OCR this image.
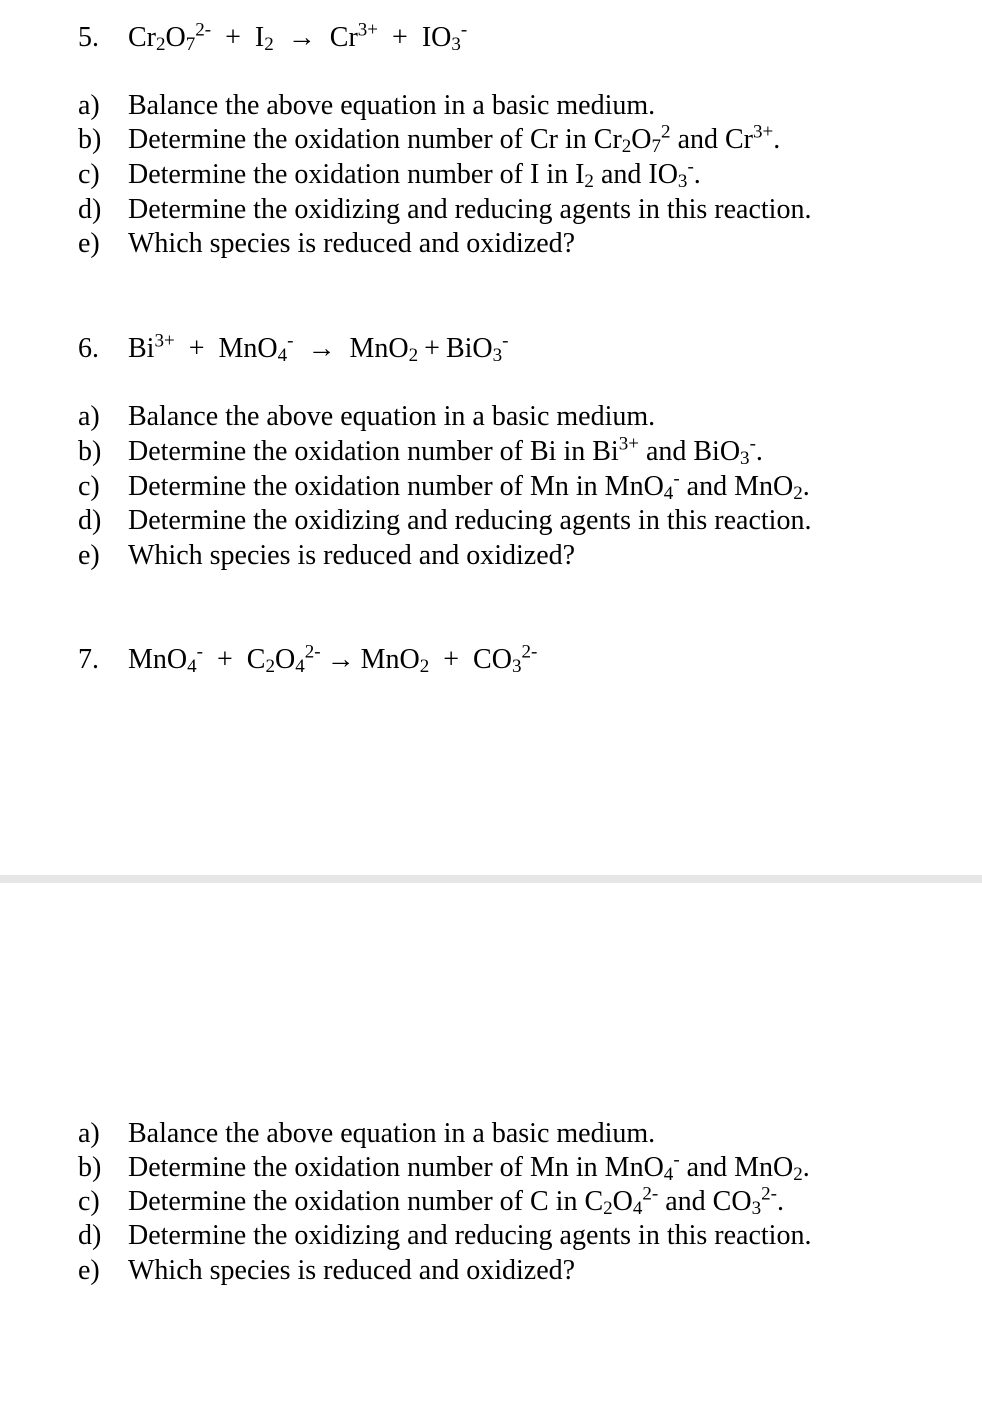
5. $Cr_2O_7^{2-} + I_2 \to Cr^{3+} + IO_3^-$
a) Balance the above equation in a basic medium.
b) Determine the oxidation number of Cr in $Cr_2O_7^2$ and $Cr^{3+}$.
c) Determine the oxidation number of I in $I_2$ and $IO_3^-$.
d) Determine the oxidizing and reducing agents in this reaction.
e) Which species is reduced and oxidized?
6. $Bi^{3+} + MnO_4^- \to MnO_2 + BiO_3^-$
a) Balance the above equation in a basic medium.
b) Determine the oxidation number of Bi in $Bi^{3+}$ and BiO$_3$-.
c) Determine the oxidation number of Mn in MnO$_4$- and MnO$_2$.
d) Determine the oxidizing and reducing agents in this reaction.
e) Which species is reduced and oxidized?
7. $MnO_4^- + C_2O_4^{2-} \to MnO_2 + CO_3^{2-}$
a) Balance the above equation in a basic medium.
b) Determine the oxidation number of Mn in MnO$_4$- and MnO$_2$.
c) Determine the oxidation number of C in $C_2O_4^{2-}$ and $CO_3^{2-}$.
d) Determine the oxidizing and reducing agents in this reaction.
e) Which species is reduced and oxidized?
